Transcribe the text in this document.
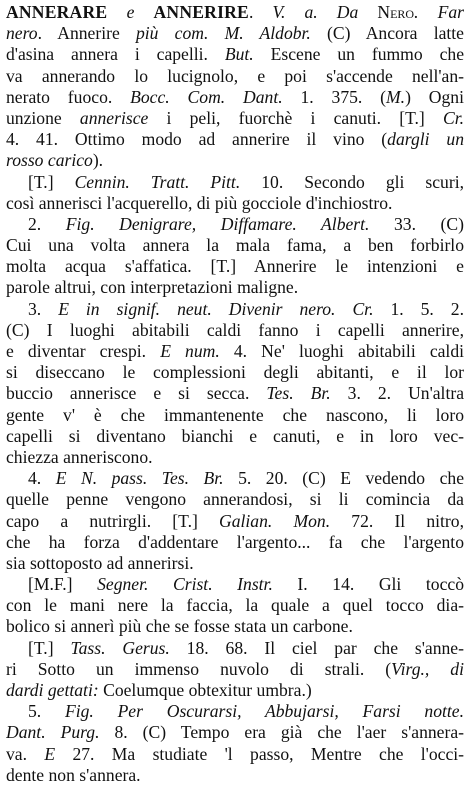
ANNERARE e ANNERIRE. V. a. Da Nero. Far
nero. Annerire più com. M. Aldobr. (C) Ancora latte
d'asina annera i capelli. But. Escene un fummo che
va annerando lo lucignolo, e poi s'accende nell'an-
nerato fuoco. Bocc. Com. Dant. 1. 375. (M.) Ogni
unzione annerisce i peli, fuorchè i canuti. [T.] Cr.
4. 41. Ottimo modo ad annerire il vino (dargli un
rosso carico).
[T.] Cennin. Tratt. Pitt. 10. Secondo gli scuri,
così annerisci l'acquerello, di più gocciole d'inchiostro.
2. Fig. Denigrare, Diffamare. Albert. 33. (C)
Cui una volta annera la mala fama, a ben forbirlo
molta acqua s'affatica. [T.] Annerire le intenzioni e
parole altrui, con interpretazioni maligne.
3. E in signif. neut. Divenir nero. Cr. 1. 5. 2.
(C) I luoghi abitabili caldi fanno i capelli annerire,
e diventar crespi. E num. 4. Ne' luoghi abitabili caldi
si diseccano le complessioni degli abitanti, e il lor
buccio annerisce e si secca. Tes. Br. 3. 2. Un'altra
gente v' è che immantenente che nascono, li loro
capelli si diventano bianchi e canuti, e in loro vec-
chiezza anneriscono.
4. E N. pass. Tes. Br. 5. 20. (C) E vedendo che
quelle penne vengono annerandosi, si li comincia da
capo a nutrirgli. [T.] Galian. Mon. 72. Il nitro,
che ha forza d'addentare l'argento... fa che l'argento
sia sottoposto ad annerirsi.
[M.F.] Segner. Crist. Instr. I. 14. Gli toccò
con le mani nere la faccia, la quale a quel tocco dia-
bolico si annerì più che se fosse stata un carbone.
[T.] Tass. Gerus. 18. 68. Il ciel par che s'anne-
ri Sotto un immenso nuvolo di strali. (Virg., di
dardi gettati: Coelumque obtexitur umbra.)
5. Fig. Per Oscurarsi, Abbujarsi, Farsi notte.
Dant. Purg. 8. (C) Tempo era già che l'aer s'annera-
va. E 27. Ma studiate 'l passo, Mentre che l'occi-
dente non s'annera.
